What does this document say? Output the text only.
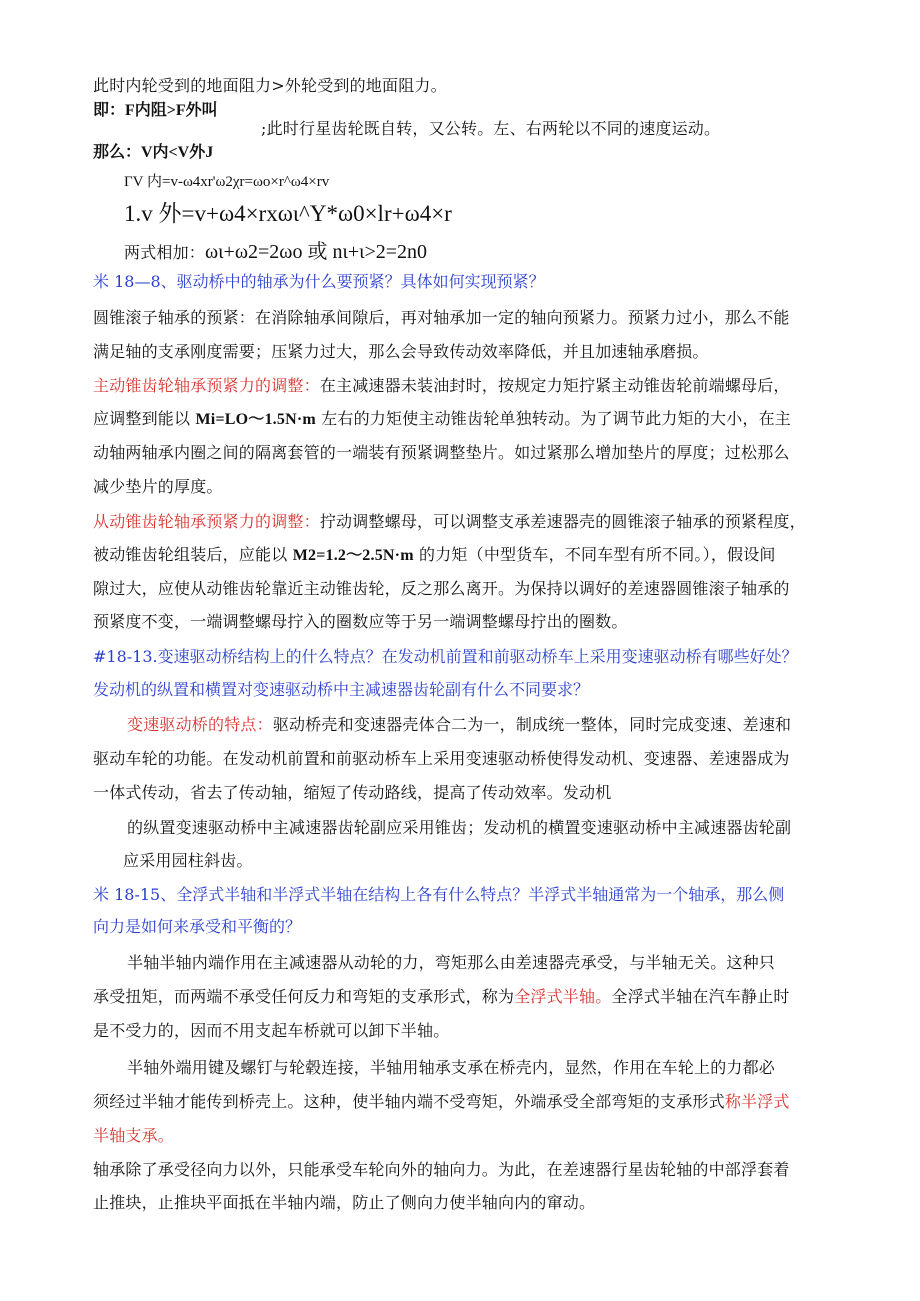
此时内轮受到的地面阻力>外轮受到的地面阻力。
即：F内阻>F外叫
;此时行星齿轮既自转，又公转。左、右两轮以不同的速度运动。
那么：V内<V外J
ΓV 内=v-ω4xr'ω2χr=ωo×r^ω4×rv
1.v 外=v+ω4×rxωι^Y*ω0×lr+ω4×r
两式相加：ωι+ω2=2ωo 或 nι+ι>2=2n0
米 18—8、驱动桥中的轴承为什么要预紧？具体如何实现预紧？
圆锥滚子轴承的预紧：在消除轴承间隙后，再对轴承加一定的轴向预紧力。预紧力过小，那么不能
满足轴的支承刚度需要；压紧力过大，那么会导致传动效率降低，并且加速轴承磨损。
主动锥齿轮轴承预紧力的调整：在主减速器未装油封时，按规定力矩拧紧主动锥齿轮前端螺母后，
应调整到能以 Mi=LO～1.5N·m 左右的力矩使主动锥齿轮单独转动。为了调节此力矩的大小，在主
动轴两轴承内圈之间的隔离套管的一端装有预紧调整垫片。如过紧那么增加垫片的厚度；过松那么
减少垫片的厚度。
从动锥齿轮轴承预紧力的调整：拧动调整螺母，可以调整支承差速器壳的圆锥滚子轴承的预紧程度，
被动锥齿轮组装后，应能以 M2=1.2～2.5N·m 的力矩（中型货车，不同车型有所不同。），假设间
隙过大，应使从动锥齿轮靠近主动锥齿轮，反之那么离开。为保持以调好的差速器圆锥滚子轴承的
预紧度不变，一端调整螺母拧入的圈数应等于另一端调整螺母拧出的圈数。
#18-13.变速驱动桥结构上的什么特点？在发动机前置和前驱动桥车上采用变速驱动桥有哪些好处？
发动机的纵置和横置对变速驱动桥中主减速器齿轮副有什么不同要求？
变速驱动桥的特点：驱动桥壳和变速器壳体合二为一，制成统一整体，同时完成变速、差速和
驱动车轮的功能。在发动机前置和前驱动桥车上采用变速驱动桥使得发动机、变速器、差速器成为
一体式传动，省去了传动轴，缩短了传动路线，提高了传动效率。发动机
的纵置变速驱动桥中主减速器齿轮副应采用锥齿；发动机的横置变速驱动桥中主减速器齿轮副
应采用园柱斜齿。
米 18-15、全浮式半轴和半浮式半轴在结构上各有什么特点？半浮式半轴通常为一个轴承，那么侧
向力是如何来承受和平衡的？
半轴半轴内端作用在主减速器从动轮的力，弯矩那么由差速器壳承受，与半轴无关。这种只
承受扭矩，而两端不承受任何反力和弯矩的支承形式，称为全浮式半轴。全浮式半轴在汽车静止时
是不受力的，因而不用支起车桥就可以卸下半轴。
半轴外端用键及螺钉与轮毂连接，半轴用轴承支承在桥壳内，显然，作用在车轮上的力都必
须经过半轴才能传到桥壳上。这种，使半轴内端不受弯矩，外端承受全部弯矩的支承形式称半浮式
半轴支承。
轴承除了承受径向力以外，只能承受车轮向外的轴向力。为此，在差速器行星齿轮轴的中部浮套着
止推块，止推块平面抵在半轴内端，防止了侧向力使半轴向内的窜动。
